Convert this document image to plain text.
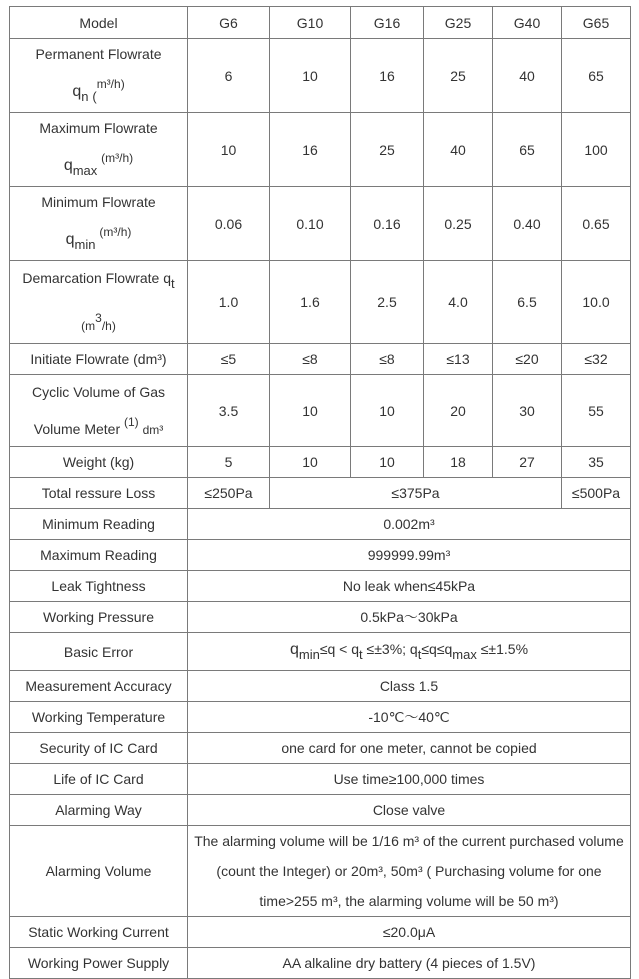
Model	G6	G10	G16	G25	G40	G65
Permanent Flowrate
qn (m³/h)	6	10	16	25	40	65
Maximum Flowrate
qmax (m³/h)	10	16	25	40	65	100
Minimum Flowrate
qmin (m³/h)	0.06	0.10	0.16	0.25	0.40	0.65
Demarcation Flowrate qt
(m3/h)	1.0	1.6	2.5	4.0	6.5	10.0
Initiate Flowrate (dm³)	≤5	≤8	≤8	≤13	≤20	≤32
Cyclic Volume of Gas
Volume Meter (1) dm³	3.5	10	10	20	30	55
Weight (kg)	5	10	10	18	27	35
Total ressure Loss	≤250Pa	≤375Pa				≤500Pa
Minimum Reading	0.002m³					
Maximum Reading	999999.99m³					
Leak Tightness	No leak when≤45kPa					
Working Pressure	0.5kPa～30kPa					
Basic Error	qmin≤q < qt ≤±3%; qt≤q≤qmax ≤±1.5%					
Measurement Accuracy	Class 1.5					
Working Temperature	-10℃～40℃					
Security of IC Card	one card for one meter, cannot be copied					
Life of IC Card	Use time≥100,000 times					
Alarming Way	Close valve					
Alarming Volume	The alarming volume will be 1/16 m³ of the current purchased volume
(count the Integer) or 20m³, 50m³ ( Purchasing volume for one
time>255 m³, the alarming volume will be 50 m³)					
Static Working Current	≤20.0μA					
Working Power Supply	AA alkaline dry battery (4 pieces of 1.5V)					
